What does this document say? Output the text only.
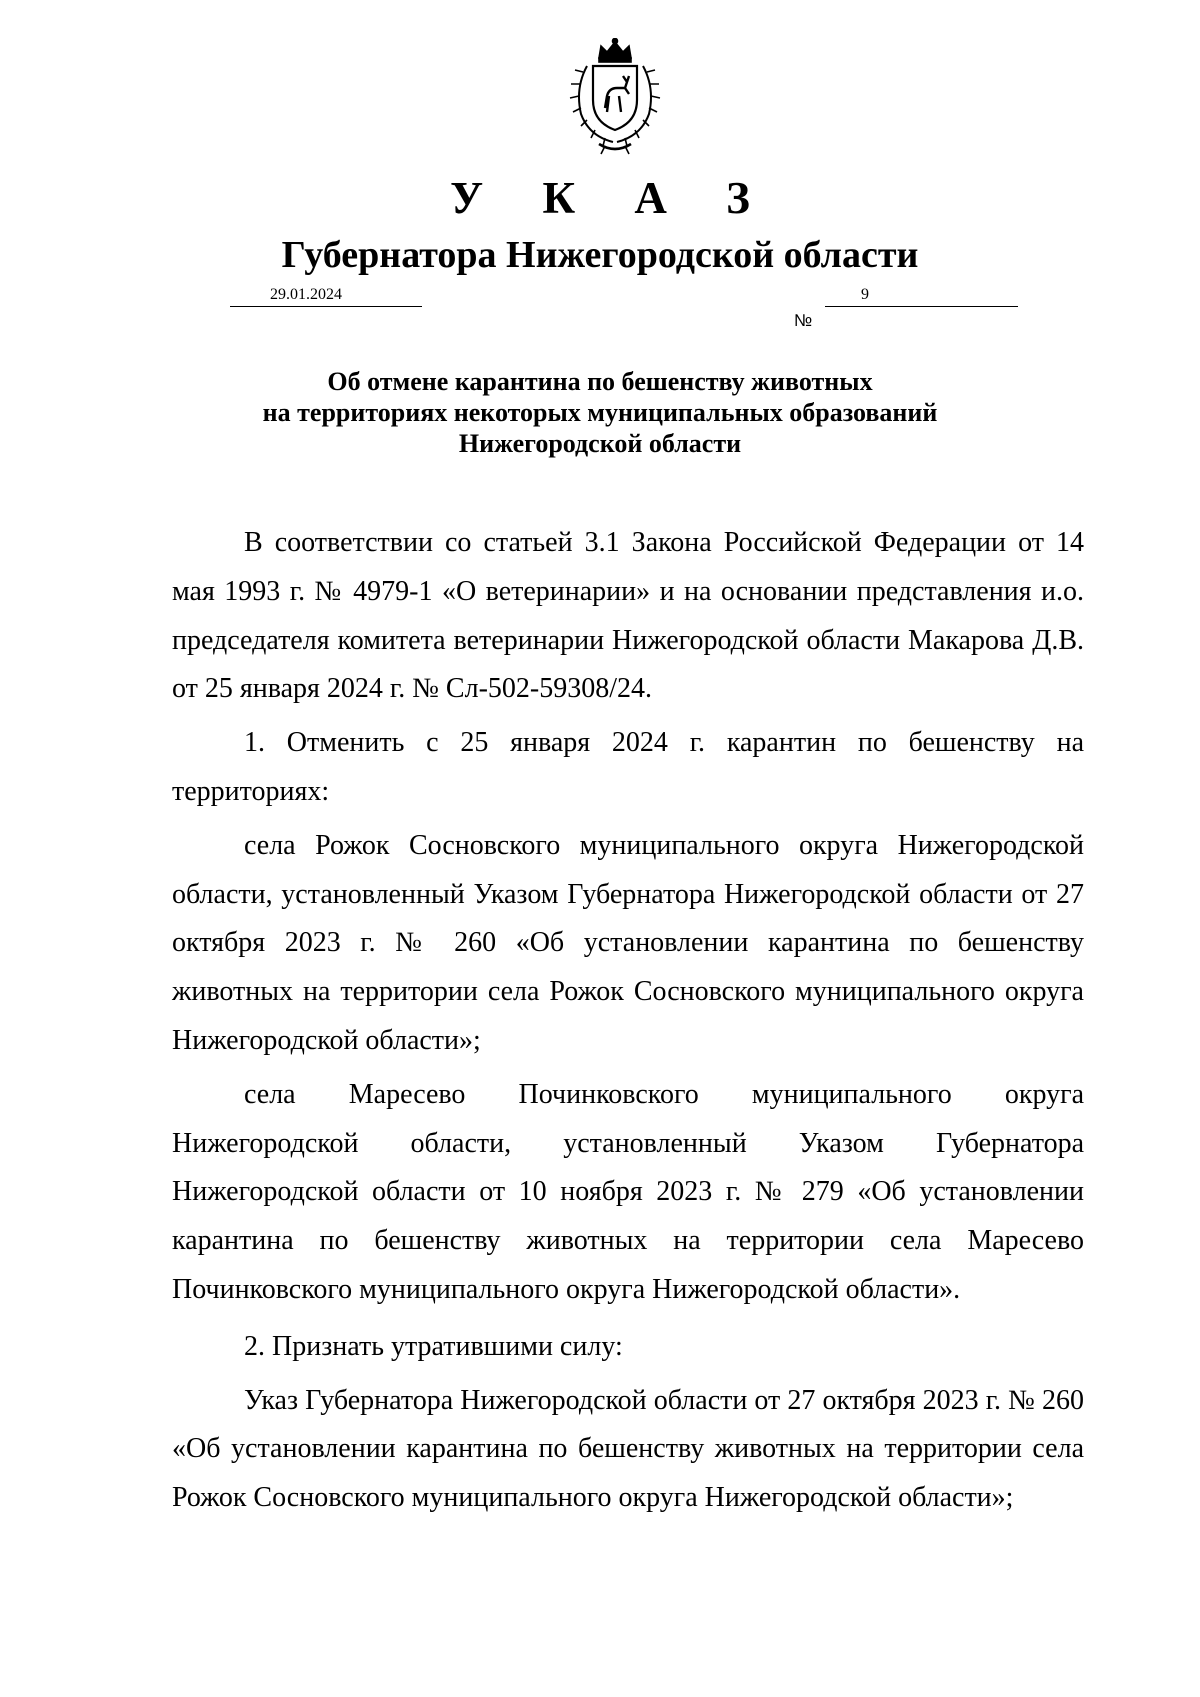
У К А З
Губернатора Нижегородской области
29.01.2024
№
9
Об отмене карантина по бешенству животных
на территориях некоторых муниципальных образований
Нижегородской области

В соответствии со статьей 3.1 Закона Российской Федерации от 14 мая 1993 г. № 4979-1 «О ветеринарии» и на основании представления и.о. председателя комитета ветеринарии Нижегородской области Макарова Д.В. от 25 января 2024 г. № Сл-502-59308/24.

1. Отменить с 25 января 2024 г. карантин по бешенству на территориях:

села Рожок Сосновского муниципального округа Нижегородской области, установленный Указом Губернатора Нижегородской области от 27 октября 2023 г. № 260 «Об установлении карантина по бешенству животных на территории села Рожок Сосновского муниципального округа Нижегородской области»;

села Маресево Починковского муниципального округа Нижегородской области, установленный Указом Губернатора Нижегородской области от 10 ноября 2023 г. № 279 «Об установлении карантина по бешенству животных на территории села Маресево Починковского муниципального округа Нижегородской области».

2. Признать утратившими силу:

Указ Губернатора Нижегородской области от 27 октября 2023 г. № 260 «Об установлении карантина по бешенству животных на территории села Рожок Сосновского муниципального округа Нижегородской области»;
